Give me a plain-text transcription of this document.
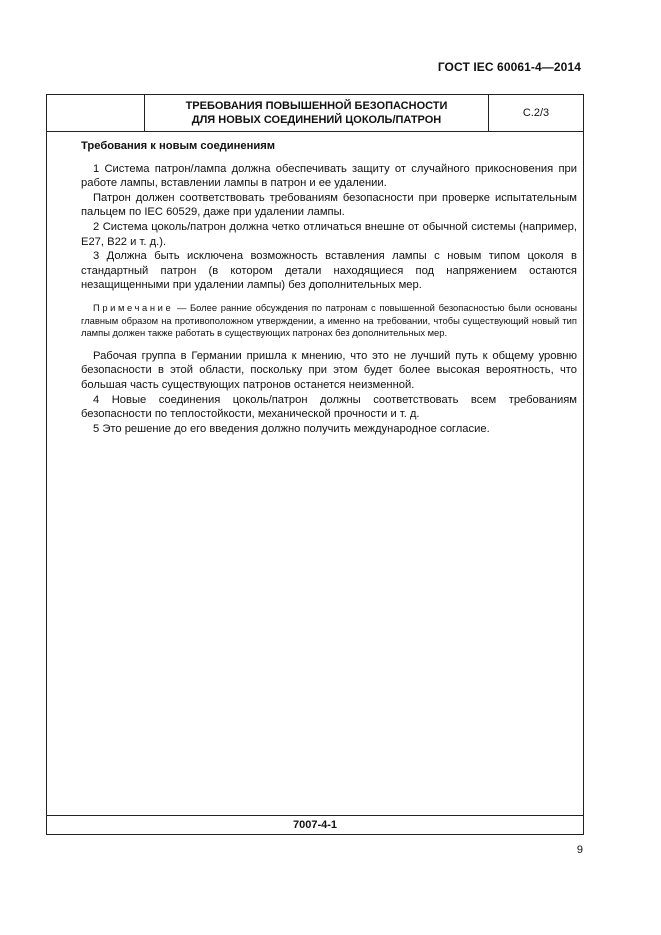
ГОСТ IEC 60061-4—2014
ТРЕБОВАНИЯ ПОВЫШЕННОЙ БЕЗОПАСНОСТИ
ДЛЯ НОВЫХ СОЕДИНЕНИЙ ЦОКОЛЬ/ПАТРОН
С.2/3
Требования к новым соединениям

1 Система патрон/лампа должна обеспечивать защиту от случайного прикосновения при работе лампы, вставлении лампы в патрон и ее удалении.

Патрон должен соответствовать требованиям безопасности при проверке испытательным пальцем по IEC 60529, даже при удалении лампы.

2 Система цоколь/патрон должна четко отличаться внешне от обычной системы (например, E27, B22 и т. д.).

3 Должна быть исключена возможность вставления лампы с новым типом цоколя в стандартный патрон (в котором детали находящиеся под напряжением остаются незащищенными при удалении лампы) без дополнительных мер.

Примечание — Более ранние обсуждения по патронам с повышенной безопасностью были основаны главным образом на противоположном утверждении, а именно на требовании, чтобы существующий новый тип лампы должен также работать в существующих патронах без дополнительных мер.

Рабочая группа в Германии пришла к мнению, что это не лучший путь к общему уровню безопасности в этой области, поскольку при этом будет более высокая вероятность, что большая часть существующих патронов останется неизменной.

4 Новые соединения цоколь/патрон должны соответствовать всем требованиям безопасности по теплостойкости, механической прочности и т. д.

5 Это решение до его введения должно получить международное согласие.

7007-4-1
9
